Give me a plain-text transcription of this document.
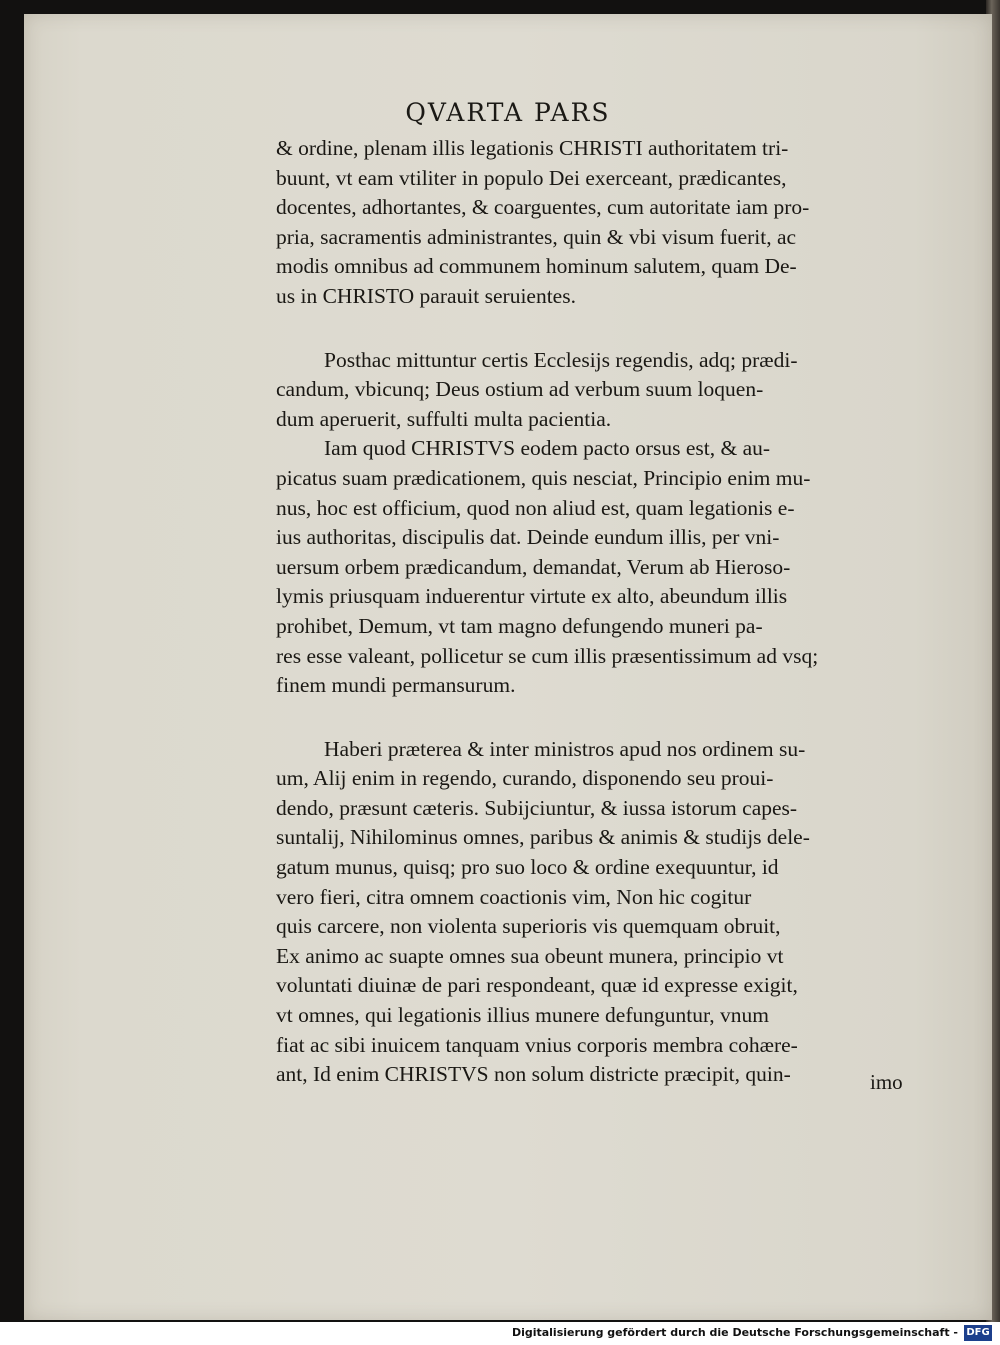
QVARTA PARS
& ordine, plenam illis legationis CHRISTI authoritatem tri-
buunt, vt eam vtiliter in populo Dei exerceant, prædicantes,
docentes, adhortantes, & coarguentes, cum autoritate iam pro-
pria, sacramentis administrantes, quin & vbi visum fuerit, ac
modis omnibus ad communem hominum salutem, quam De-
us in CHRISTO parauit seruientes.
Posthac mittuntur certis Ecclesijs regendis, adq; prædi-
candum, vbicunq; Deus ostium ad verbum suum loquen-
dum aperuerit, suffulti multa pacientia.
Iam quod CHRISTVS eodem pacto orsus est, & au-
picatus suam prædicationem, quis nesciat, Principio enim mu-
nus, hoc est officium, quod non aliud est, quam legationis e-
ius authoritas, discipulis dat. Deinde eundum illis, per vni-
uersum orbem prædicandum, demandat, Verum ab Hieroso-
lymis priusquam induerentur virtute ex alto, abeundum illis
prohibet, Demum, vt tam magno defungendo muneri pa-
res esse valeant, pollicetur se cum illis præsentissimum ad vsq;
finem mundi permansurum.
Haberi præterea & inter ministros apud nos ordinem su-
um, Alij enim in regendo, curando, disponendo seu proui-
dendo, præsunt cæteris. Subijciuntur, & iussa istorum capes-
suntalij, Nihilominus omnes, paribus & animis & studijs dele-
gatum munus, quisq; pro suo loco & ordine exequuntur, id
vero fieri, citra omnem coactionis vim, Non hic cogitur
quis carcere, non violenta superioris vis quemquam obruit,
Ex animo ac suapte omnes sua obeunt munera, principio vt
voluntati diuinæ de pari respondeant, quæ id expresse exigit,
vt omnes, qui legationis illius munere defunguntur, vnum
fiat ac sibi inuicem tanquam vnius corporis membra cohære-
ant, Id enim CHRISTVS non solum districte præcipit, quin-	imo
Digitalisierung gefördert durch die Deutsche Forschungsgemeinschaft - DFG
